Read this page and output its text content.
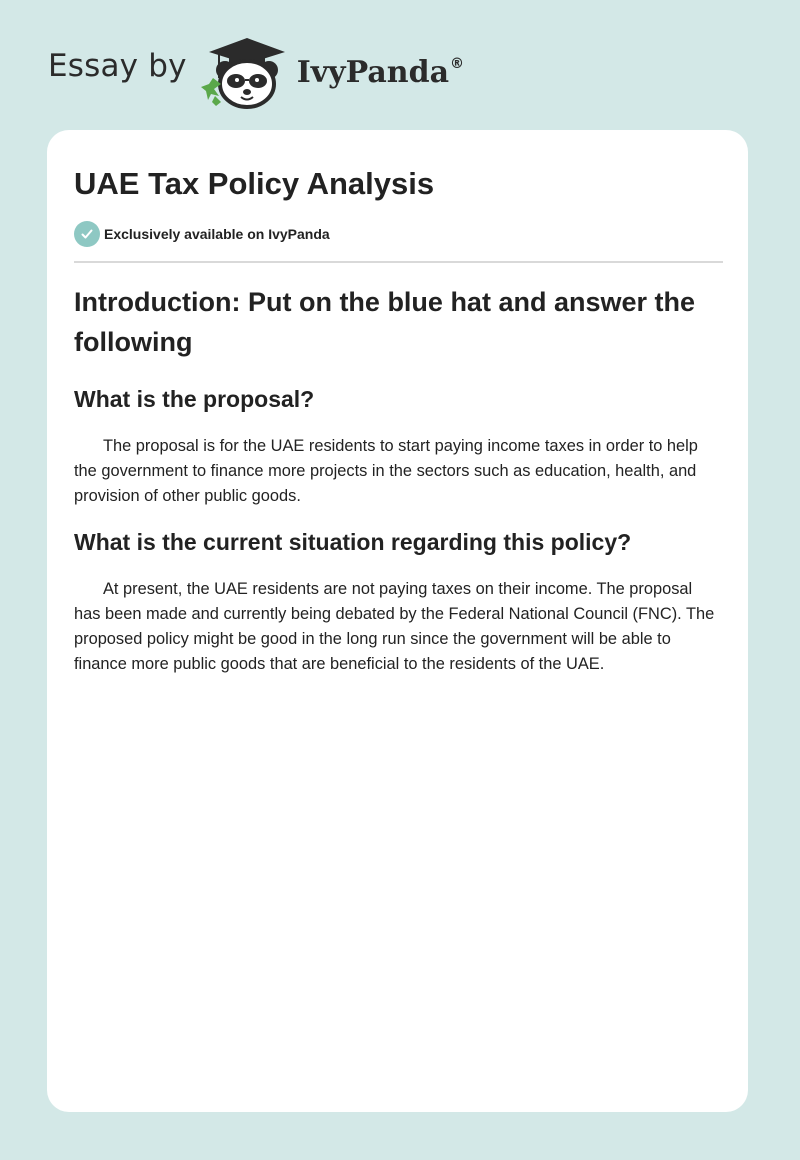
Essay by	IvyPanda®
UAE Tax Policy Analysis
Exclusively available on IvyPanda
Introduction: Put on the blue hat and answer the following
What is the proposal?

The proposal is for the UAE residents to start paying income taxes in order to help the government to finance more projects in the sectors such as education, health, and provision of other public goods.

What is the current situation regarding this policy?

At present, the UAE residents are not paying taxes on their income. The proposal has been made and currently being debated by the Federal National Council (FNC). The proposed policy might be good in the long run since the government will be able to finance more public goods that are beneficial to the residents of the UAE.
